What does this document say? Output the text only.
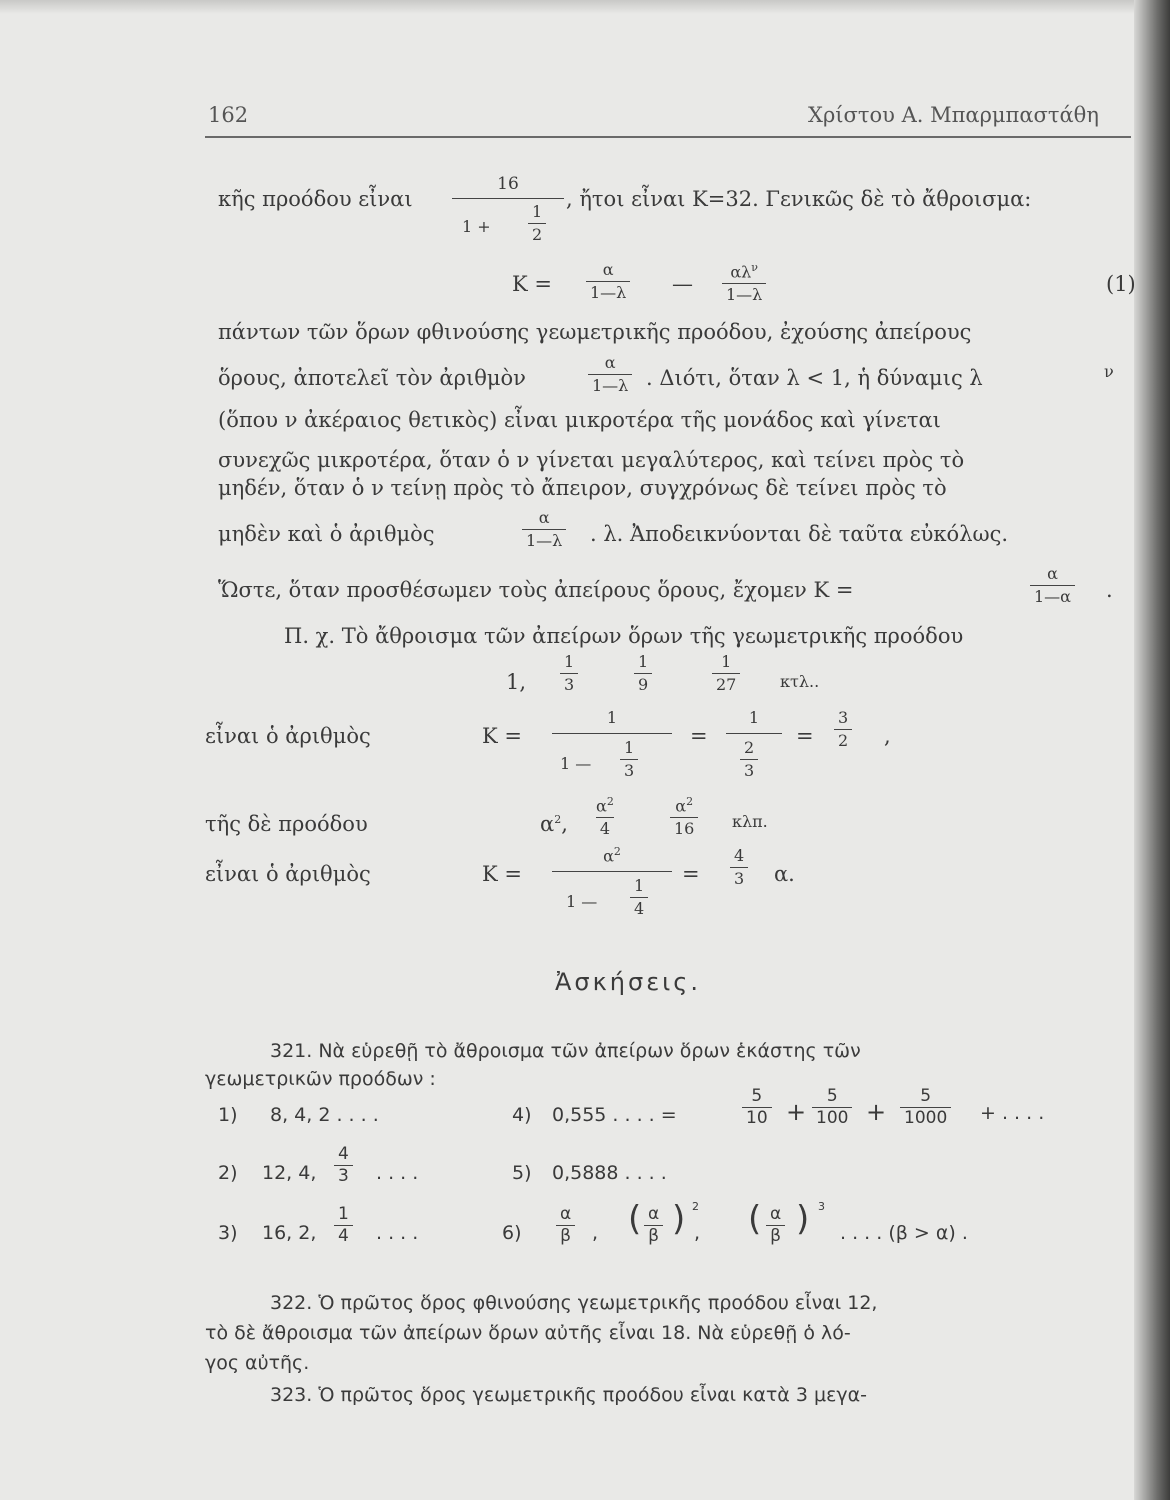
162	Χρίστου Α. Μπαρμπαστάθη
κῆς προόδου εἶναι
16
$1 + \frac{1}{2}$
, ἤτοι εἶναι Κ=32. Γενικῶς δὲ τὸ ἄθροισμα:
$K = \frac{\alpha}{1—\lambda}$ —
$\alpha\lambda^\nu$
1—λ	(1)
πάντων τῶν ὅρων φθινούσης γεωμετρικῆς προόδου, ἐχούσης ἀπείρους
ὅρους, ἀποτελεῖ τὸν ἀριθμὸν	$\frac{\alpha}{1—\lambda}$ . Διότι, ὅταν λ < 1, ἡ δύναμις λ	ν
(ὅπου ν ἀκέραιος θετικὸς) εἶναι μικροτέρα τῆς μονάδος καὶ γίνεται
συνεχῶς μικροτέρα, ὅταν ὁ ν γίνεται μεγαλύτερος, καὶ τείνει πρὸς τὸ
μηδέν, ὅταν ὁ ν τείνῃ πρὸς τὸ ἄπειρον, συγχρόνως δὲ τείνει πρὸς τὸ
μηδὲν καὶ ὁ ἀριθμὸς	$\frac{\alpha}{1—\lambda}$ . λ. Ἀποδεικνύονται δὲ ταῦτα εὐκόλως.
Ὥστε, ὅταν προσθέσωμεν τοὺς ἀπείρους ὅρους, ἔχομεν Κ =	$\frac{\alpha}{1—\alpha}$ .
Π. χ. Τὸ ἄθροισμα τῶν ἀπείρων ὅρων τῆς γεωμετρικῆς προόδου
1, $\frac{1}{3}$	$\frac{1}{9}$	$\frac{1}{27} \kappa\tau\lambda$..
εἶναι ὁ ἀριθμὸς	Κ =
1
1 — $\frac{1}{3}$
=
1
$\frac{2}{3}$
= $\frac{3}{2}$ ,
τῆς δὲ προόδου	$\alpha^2$, $\frac{\alpha^2}{4}$	$\frac{\alpha^2}{16} \kappa\lambda\pi$.
εἶναι ὁ ἀριθμὸς	Κ =
$\alpha^2$
1 — $\frac{1}{4}$
= $\frac{4}{3} \alpha$.
Ἀσκήσεις.
321. Νὰ εὑρεθῇ τὸ ἄθροισμα τῶν ἀπείρων ὅρων ἑκάστης τῶν
γεωμετρικῶν προόδων :
1) 8, 4, 2 . . . .	4) 0,555 . . . . =	$\frac{5}{10} + \frac{5}{100} + \frac{5}{1000}$ + . . . .
2) 12, 4, $\frac{4}{3}$ . . . .	5) 0,5888 . . . .
3) 16, 2, $\frac{1}{4}$ . . . .	$6) \frac{\alpha}{\beta}$ , ( $\frac{\alpha}{\beta}$ ) 2
, ( $\frac{\alpha}{\beta}$ ) 3
. . . . (β > α) .
322. Ὁ πρῶτος ὅρος φθινούσης γεωμετρικῆς προόδου εἶναι 12,
τὸ δὲ ἄθροισμα τῶν ἀπείρων ὅρων αὐτῆς εἶναι 18. Νὰ εὑρεθῇ ὁ λό-
γος αὐτῆς.
323. Ὁ πρῶτος ὅρος γεωμετρικῆς προόδου εἶναι κατὰ 3 μεγα-
